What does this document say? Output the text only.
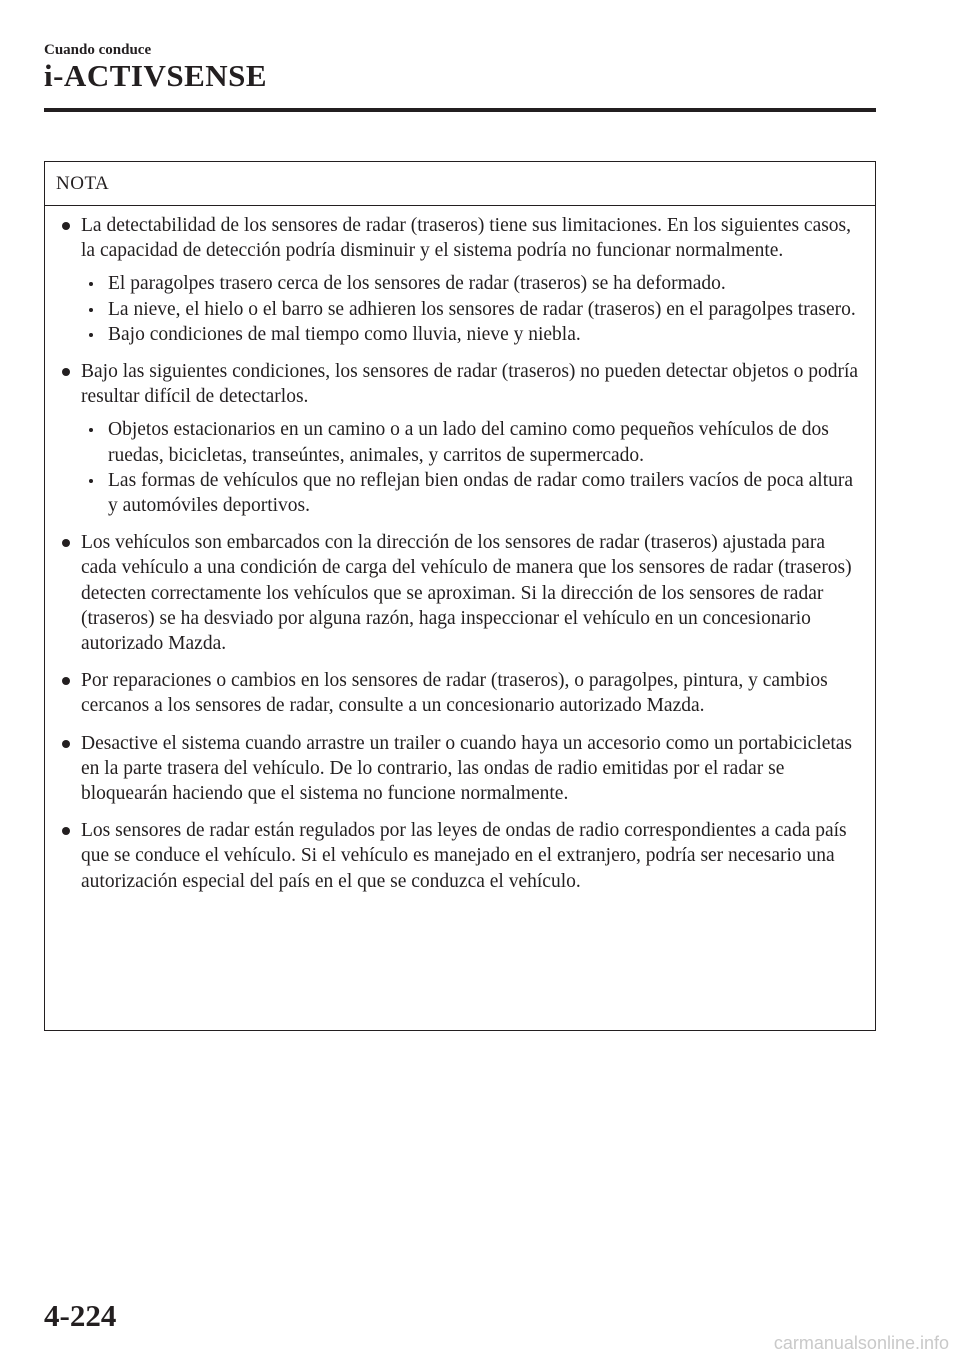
Cuando conduce
i-ACTIVSENSE
NOTA

La detectabilidad de los sensores de radar (traseros) tiene sus limitaciones. En los siguientes casos, la capacidad de detección podría disminuir y el sistema podría no funcionar normalmente.

El paragolpes trasero cerca de los sensores de radar (traseros) se ha deformado.
La nieve, el hielo o el barro se adhieren los sensores de radar (traseros) en el paragolpes trasero.
Bajo condiciones de mal tiempo como lluvia, nieve y niebla.

Bajo las siguientes condiciones, los sensores de radar (traseros) no pueden detectar objetos o podría resultar difícil de detectarlos.

Objetos estacionarios en un camino o a un lado del camino como pequeños vehículos de dos ruedas, bicicletas, transeúntes, animales, y carritos de supermercado.
Las formas de vehículos que no reflejan bien ondas de radar como trailers vacíos de poca altura y automóviles deportivos.

Los vehículos son embarcados con la dirección de los sensores de radar (traseros) ajustada para cada vehículo a una condición de carga del vehículo de manera que los sensores de radar (traseros) detecten correctamente los vehículos que se aproximan. Si la dirección de los sensores de radar (traseros) se ha desviado por alguna razón, haga inspeccionar el vehículo en un concesionario autorizado Mazda.

Por reparaciones o cambios en los sensores de radar (traseros), o paragolpes, pintura, y cambios cercanos a los sensores de radar, consulte a un concesionario autorizado Mazda.

Desactive el sistema cuando arrastre un trailer o cuando haya un accesorio como un portabicicletas en la parte trasera del vehículo. De lo contrario, las ondas de radio emitidas por el radar se bloquearán haciendo que el sistema no funcione normalmente.

Los sensores de radar están regulados por las leyes de ondas de radio correspondientes a cada país que se conduce el vehículo. Si el vehículo es manejado en el extranjero, podría ser necesario una autorización especial del país en el que se conduzca el vehículo.

4-224
carmanualsonline.info
